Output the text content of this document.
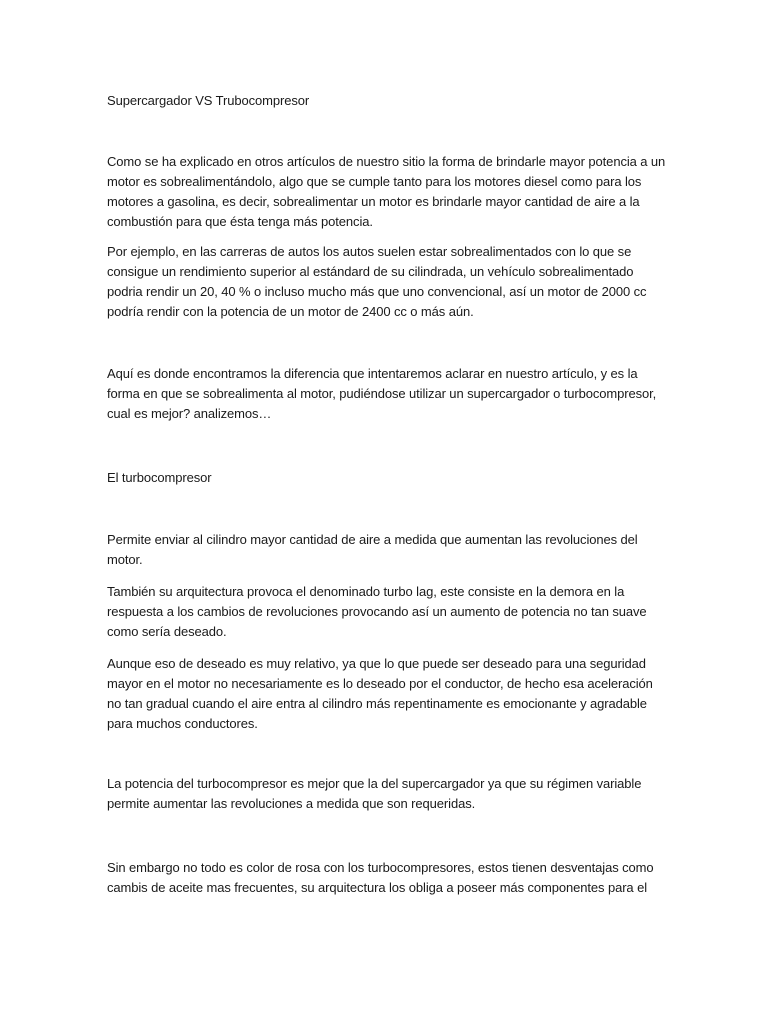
Supercargador VS Trubocompresor

Como se ha explicado en otros artículos de nuestro sitio la forma de brindarle mayor potencia a un motor es sobrealimentándolo, algo que se cumple tanto para los motores diesel como para los motores a gasolina, es decir, sobrealimentar un motor es brindarle mayor cantidad de aire a la combustión para que ésta tenga más potencia.

Por ejemplo, en las carreras de autos los autos suelen estar sobrealimentados con lo que se consigue un rendimiento superior al estándard de su cilindrada, un vehículo sobrealimentado podria rendir un 20, 40 % o incluso mucho más que uno convencional, así un motor de 2000 cc podría rendir con la potencia de un motor de 2400 cc o más aún.

Aquí es donde encontramos la diferencia que intentaremos aclarar en nuestro artículo, y es la forma en que se sobrealimenta al motor, pudiéndose utilizar un supercargador o turbocompresor, cual es mejor? analizemos…

El turbocompresor

Permite enviar al cilindro mayor cantidad de aire a medida que aumentan las revoluciones del motor.

También su arquitectura provoca el denominado turbo lag, este consiste en la demora en la respuesta a los cambios de revoluciones provocando así un aumento de potencia no tan suave como sería deseado.

Aunque eso de deseado es muy relativo, ya que lo que puede ser deseado para una seguridad mayor en el motor no necesariamente es lo deseado por el conductor, de hecho esa aceleración no tan gradual cuando el aire entra al cilindro más repentinamente es emocionante y agradable para muchos conductores.

La potencia del turbocompresor es mejor que la del supercargador ya que su régimen variable permite aumentar las revoluciones a medida que son requeridas.

Sin embargo no todo es color de rosa con los turbocompresores, estos tienen desventajas como cambis de aceite mas frecuentes, su arquitectura los obliga a poseer más componentes para el
